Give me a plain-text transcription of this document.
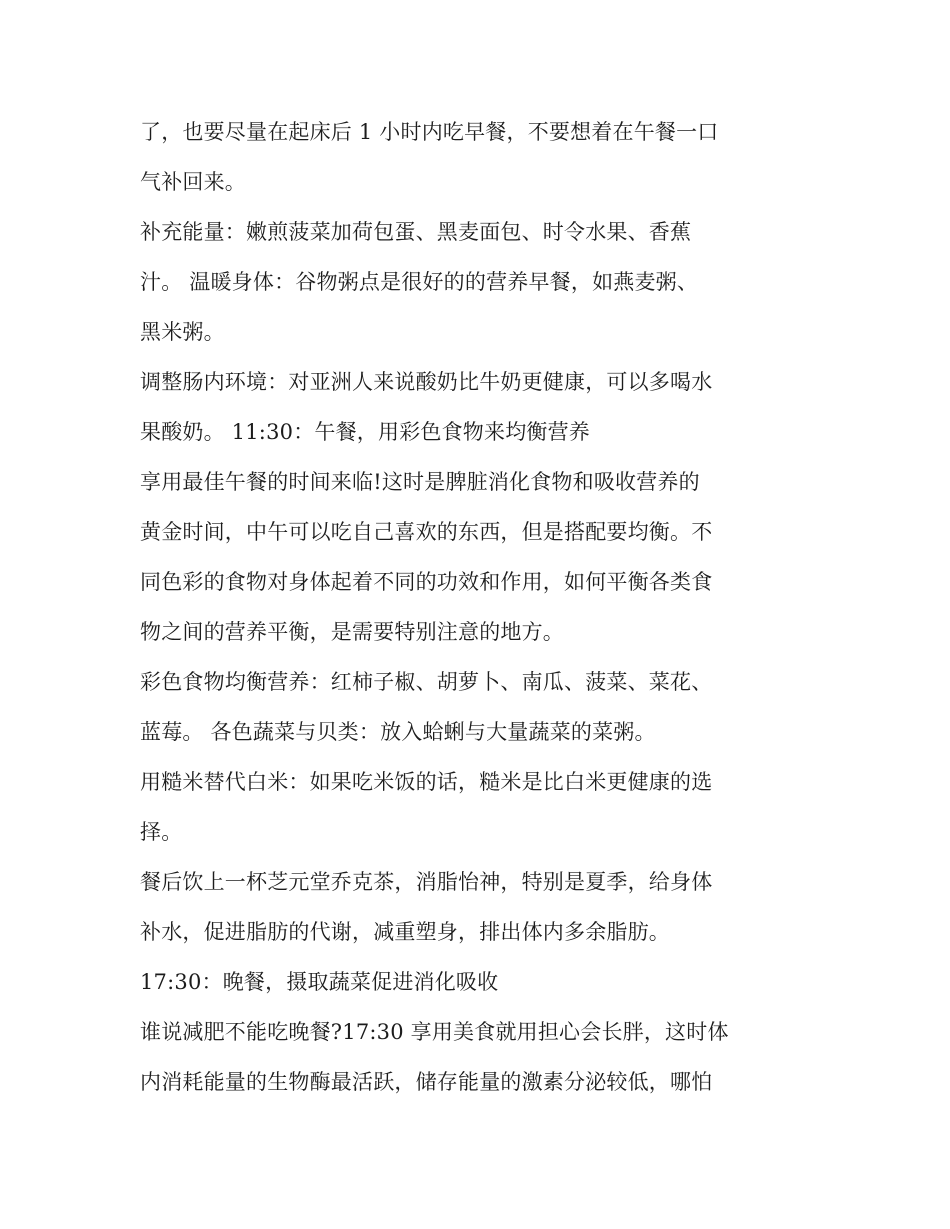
了，也要尽量在起床后 1 小时内吃早餐，不要想着在午餐一口
气补回来。
补充能量：嫩煎菠菜加荷包蛋、黑麦面包、时令水果、香蕉
汁。 温暖身体：谷物粥点是很好的的营养早餐，如燕麦粥、
黑米粥。
调整肠内环境：对亚洲人来说酸奶比牛奶更健康，可以多喝水
果酸奶。 11:30：午餐，用彩色食物来均衡营养
享用最佳午餐的时间来临!这时是脾脏消化食物和吸收营养的
黄金时间，中午可以吃自己喜欢的东西，但是搭配要均衡。不
同色彩的食物对身体起着不同的功效和作用，如何平衡各类食
物之间的营养平衡，是需要特别注意的地方。
彩色食物均衡营养：红柿子椒、胡萝卜、南瓜、菠菜、菜花、
蓝莓。 各色蔬菜与贝类：放入蛤蜊与大量蔬菜的菜粥。
用糙米替代白米：如果吃米饭的话，糙米是比白米更健康的选
择。
餐后饮上一杯芝元堂乔克茶，消脂怡神，特别是夏季，给身体
补水，促进脂肪的代谢，减重塑身，排出体内多余脂肪。
17:30：晚餐，摄取蔬菜促进消化吸收
谁说减肥不能吃晚餐?17:30 享用美食就用担心会长胖，这时体
内消耗能量的生物酶最活跃，储存能量的激素分泌较低，哪怕
